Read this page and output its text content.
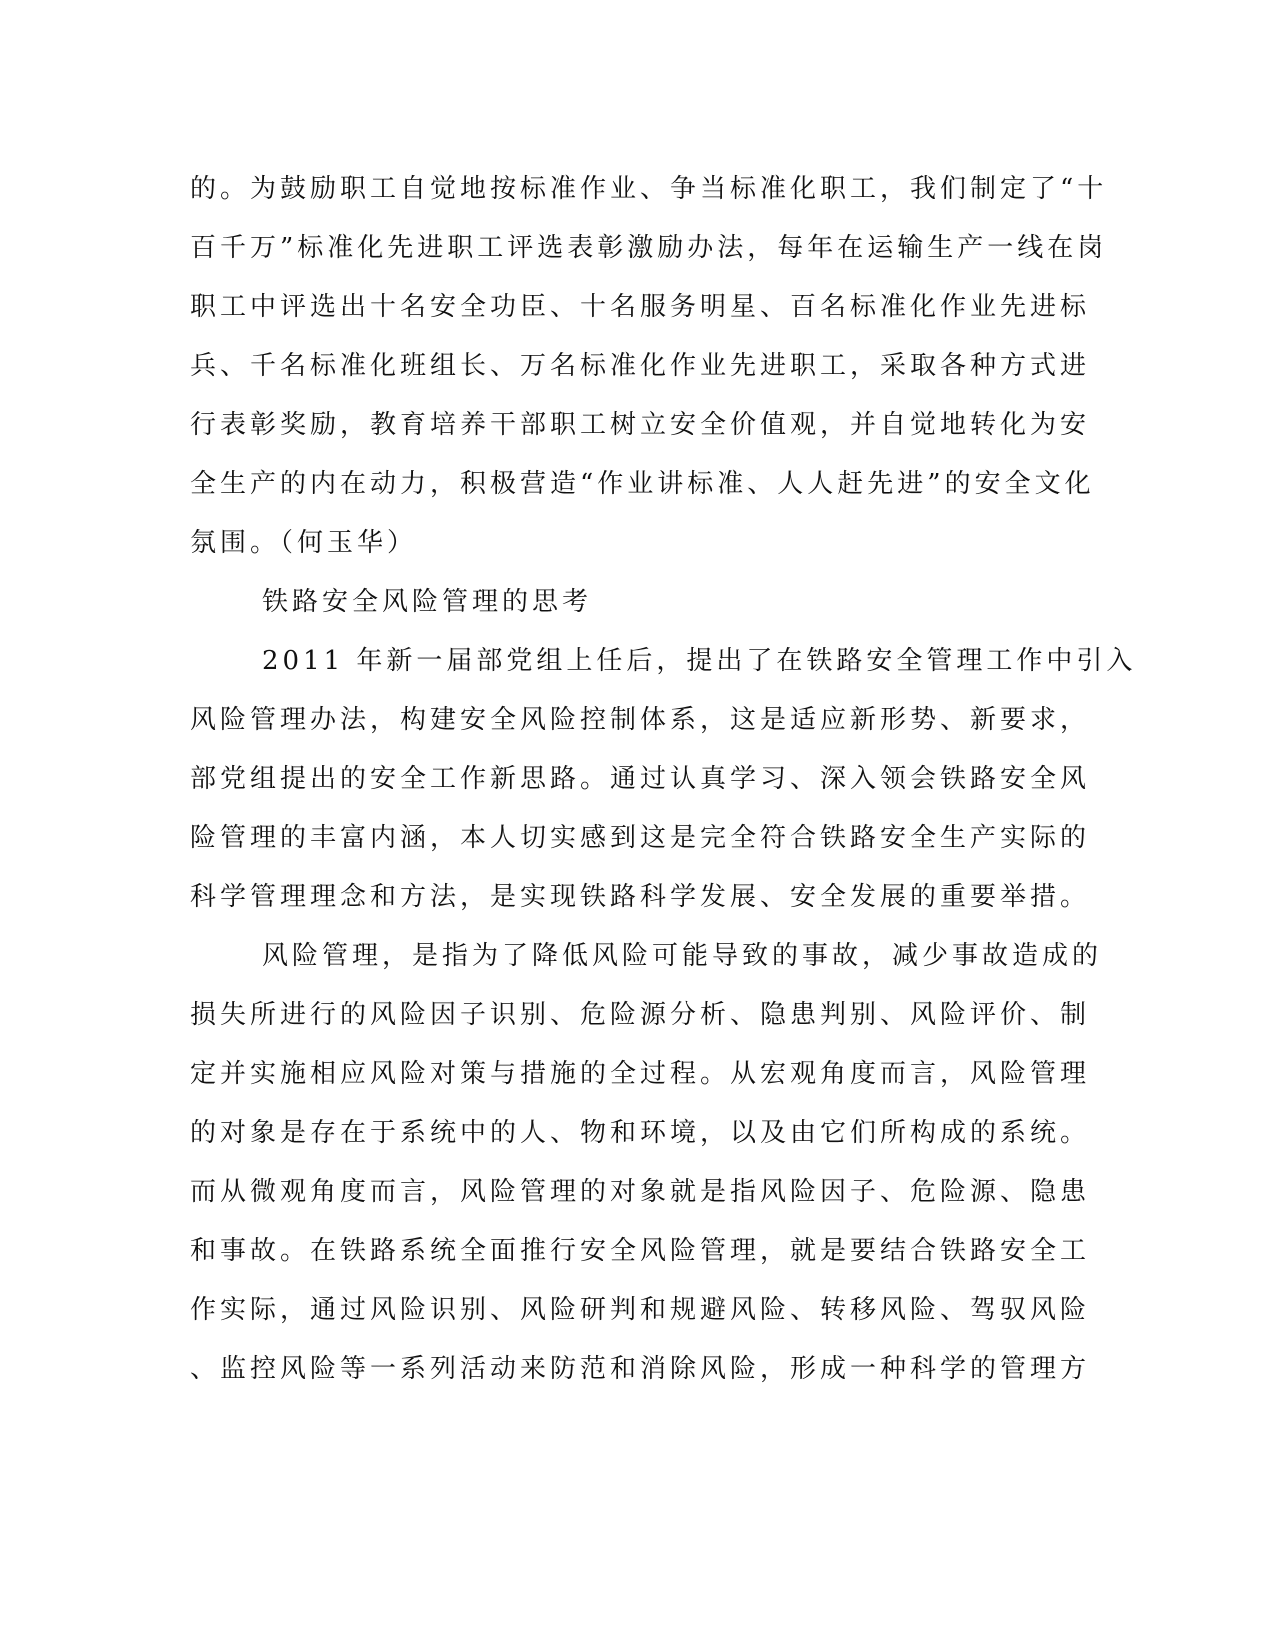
的。为鼓励职工自觉地按标准作业、争当标准化职工，我们制定了“十
百千万”标准化先进职工评选表彰激励办法，每年在运输生产一线在岗
职工中评选出十名安全功臣、十名服务明星、百名标准化作业先进标
兵、千名标准化班组长、万名标准化作业先进职工，采取各种方式进
行表彰奖励，教育培养干部职工树立安全价值观，并自觉地转化为安
全生产的内在动力，积极营造“作业讲标准、人人赶先进”的安全文化
氛围。（何玉华）
铁路安全风险管理的思考
2011 年新一届部党组上任后，提出了在铁路安全管理工作中引入
风险管理办法，构建安全风险控制体系，这是适应新形势、新要求，
部党组提出的安全工作新思路。通过认真学习、深入领会铁路安全风
险管理的丰富内涵，本人切实感到这是完全符合铁路安全生产实际的
科学管理理念和方法，是实现铁路科学发展、安全发展的重要举措。
风险管理，是指为了降低风险可能导致的事故，减少事故造成的
损失所进行的风险因子识别、危险源分析、隐患判别、风险评价、制
定并实施相应风险对策与措施的全过程。从宏观角度而言，风险管理
的对象是存在于系统中的人、物和环境，以及由它们所构成的系统。
而从微观角度而言，风险管理的对象就是指风险因子、危险源、隐患
和事故。在铁路系统全面推行安全风险管理，就是要结合铁路安全工
作实际，通过风险识别、风险研判和规避风险、转移风险、驾驭风险
、监控风险等一系列活动来防范和消除风险，形成一种科学的管理方
